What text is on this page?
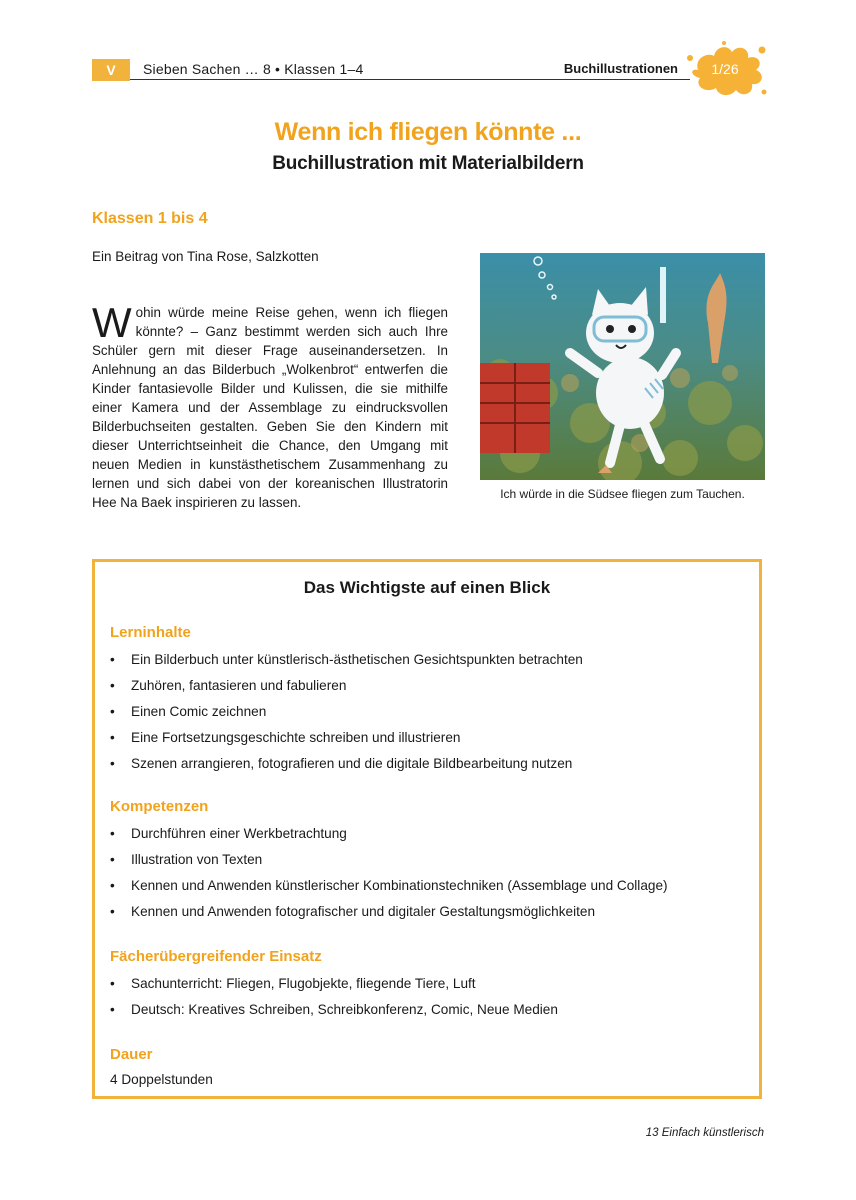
V	Sieben Sachen … 8 • Klassen 1–4	Buchillustrationen	1/26
Wenn ich fliegen könnte ...
Buchillustration mit Materialbildern
Klassen 1 bis 4
Ein Beitrag von Tina Rose, Salzkotten
W ohin würde meine Reise gehen, wenn ich fliegen könnte? – Ganz bestimmt werden sich auch Ihre Schüler gern mit dieser Frage auseinandersetzen. In Anlehnung an das Bilderbuch „Wolkenbrot“ entwerfen die Kinder fantasievolle Bilder und Kulissen, die sie mithilfe einer Kamera und der Assemblage zu eindrucksvollen Bilderbuchseiten gestalten. Geben Sie den Kindern mit dieser Unterrichtseinheit die Chance, den Umgang mit neuen Medien in kunstästhetischem Zusammenhang zu lernen und sich dabei von der koreanischen Illustratorin Hee Na Baek inspirieren zu lassen.
Ich würde in die Südsee fliegen zum Tauchen.
Das Wichtigste auf einen Blick
Lerninhalte
• Ein Bilderbuch unter künstlerisch-ästhetischen Gesichtspunkten betrachten
• Zuhören, fantasieren und fabulieren
• Einen Comic zeichnen
• Eine Fortsetzungsgeschichte schreiben und illustrieren
• Szenen arrangieren, fotografieren und die digitale Bildbearbeitung nutzen
Kompetenzen
• Durchführen einer Werkbetrachtung
• Illustration von Texten
• Kennen und Anwenden künstlerischer Kombinationstechniken (Assemblage und Collage)
• Kennen und Anwenden fotografischer und digitaler Gestaltungsmöglichkeiten
Fächerübergreifender Einsatz
• Sachunterricht: Fliegen, Flugobjekte, fliegende Tiere, Luft
• Deutsch: Kreatives Schreiben, Schreibkonferenz, Comic, Neue Medien
Dauer
4 Doppelstunden
13 Einfach künstlerisch
